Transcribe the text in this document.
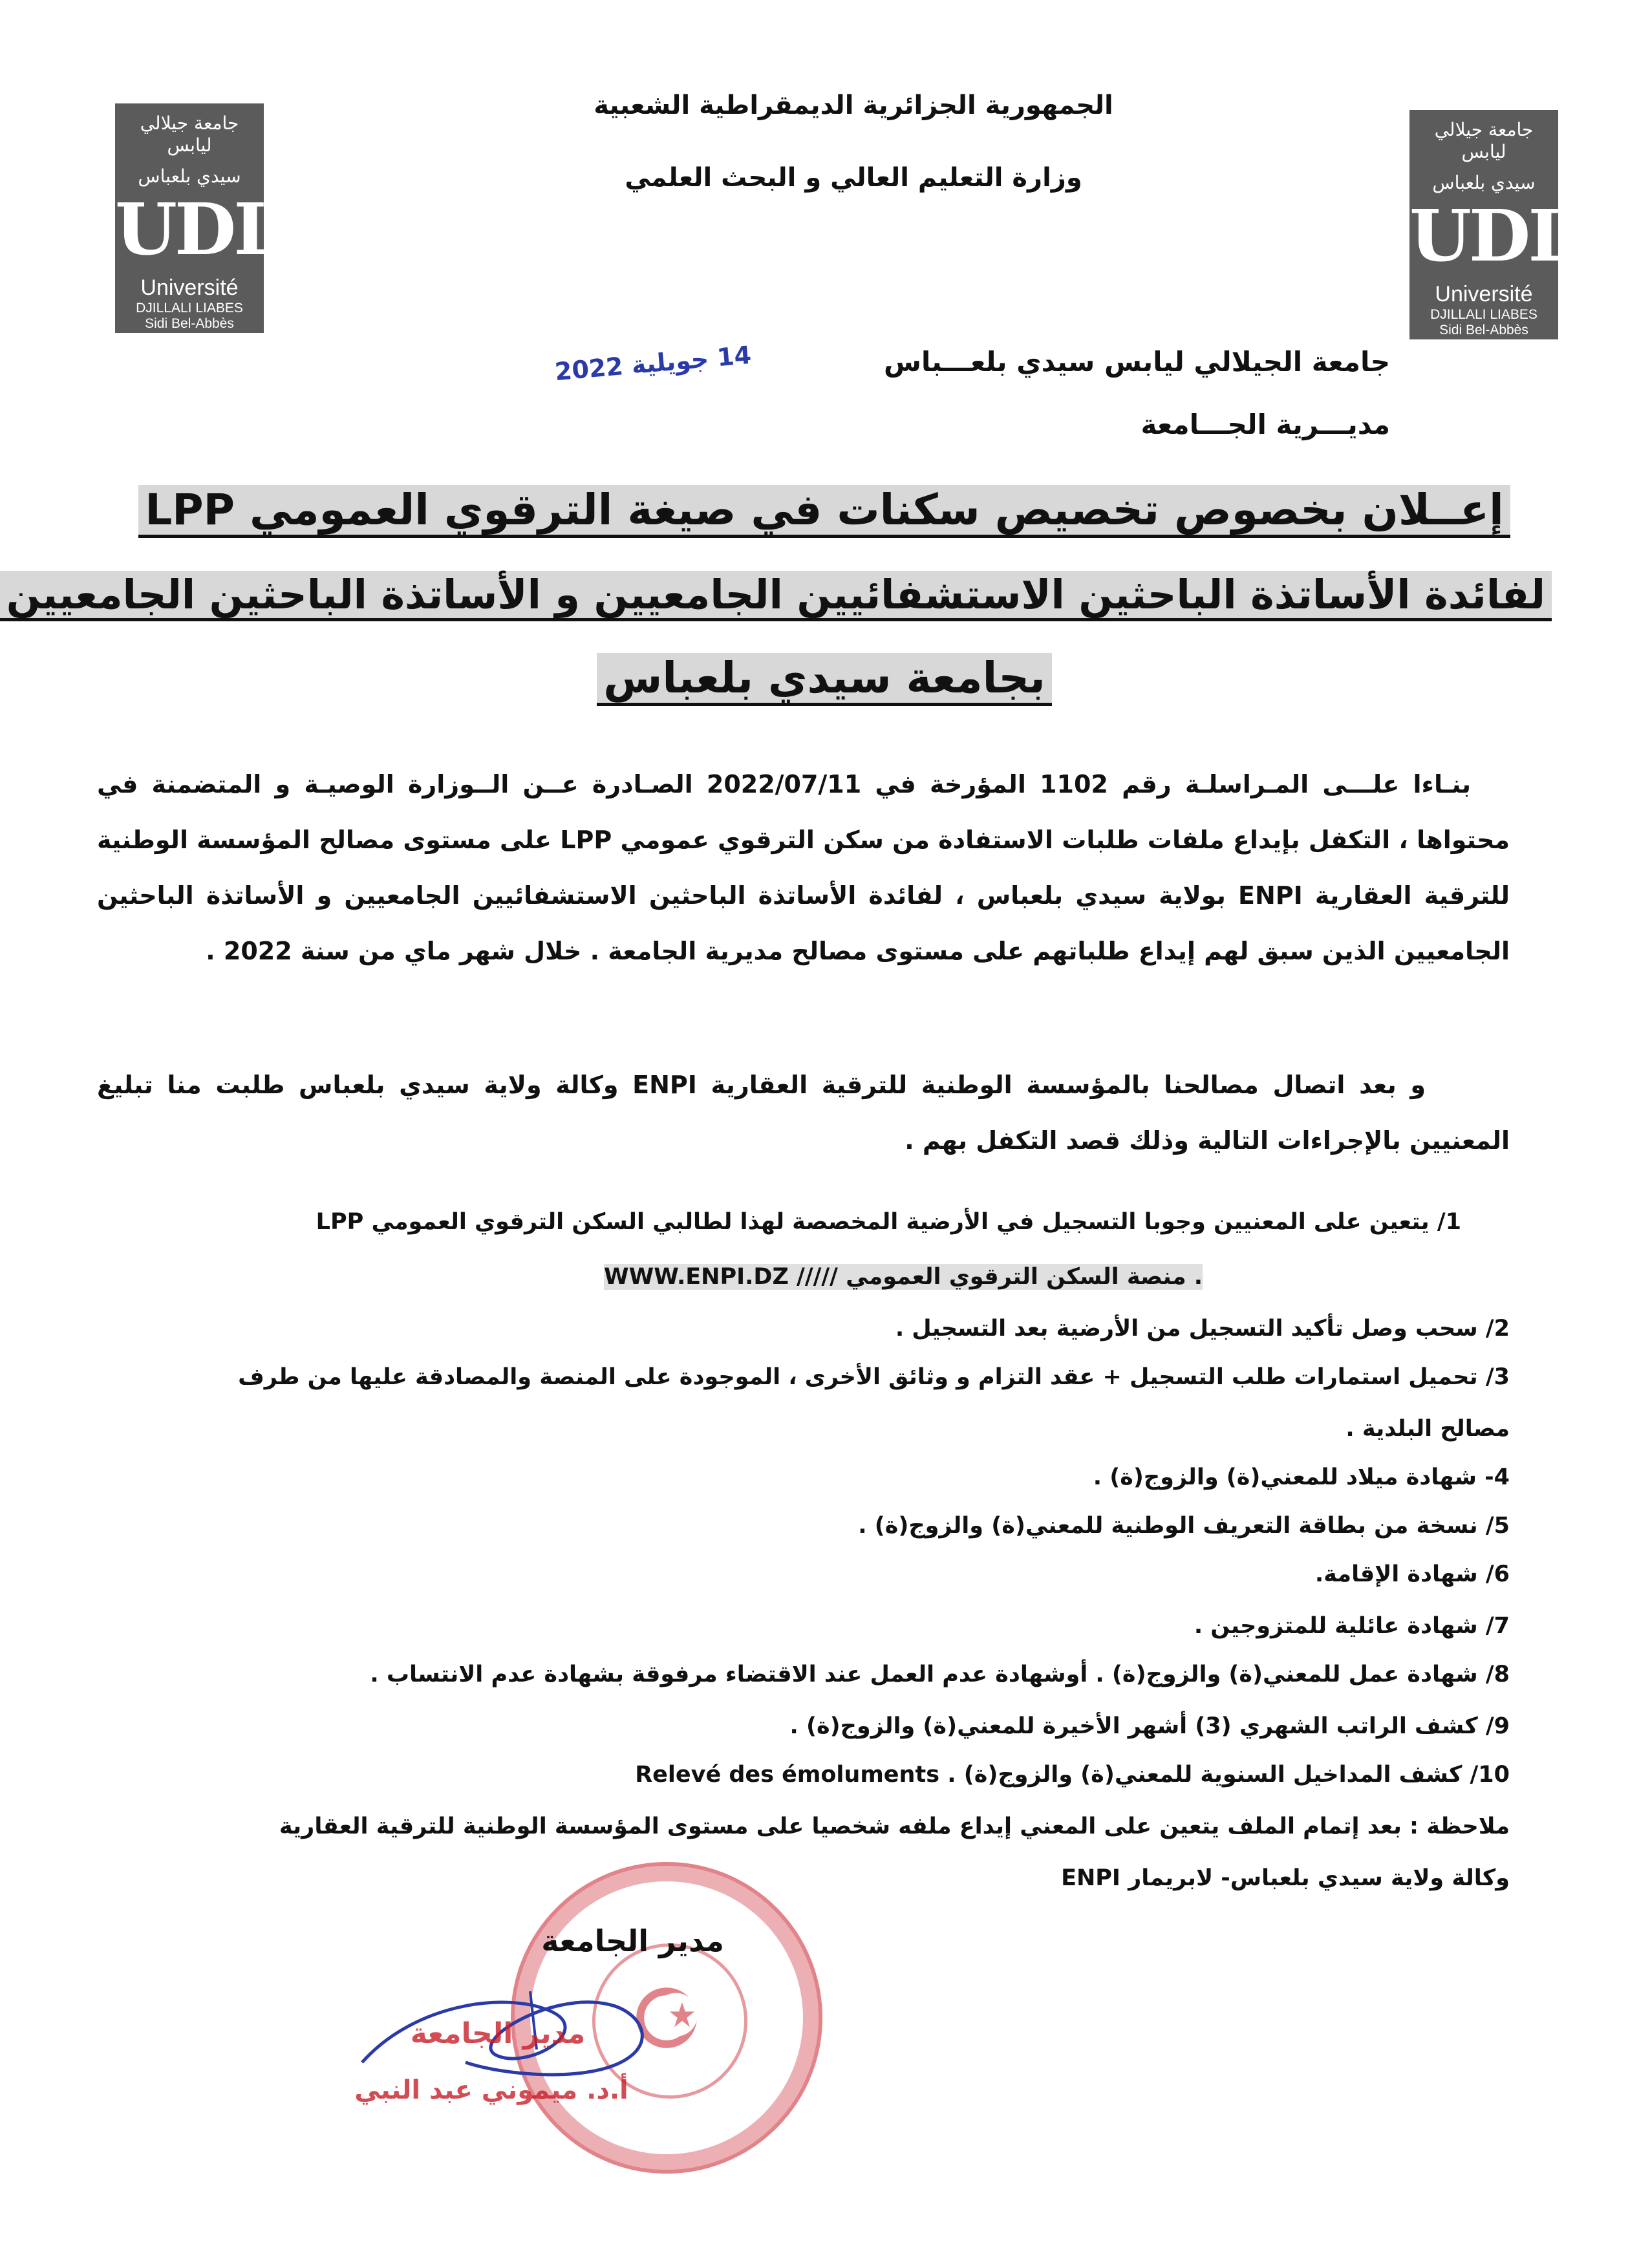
جامعة جيلالي ليابس
سيدي بلعباس
UDL
Université
DJILLALI LIABES
Sidi Bel-Abbès
جامعة جيلالي ليابس
سيدي بلعباس
UDL
Université
DJILLALI LIABES
Sidi Bel-Abbès
الجمهورية الجزائرية الديمقراطية الشعبية
وزارة التعليم العالي و البحث العلمي
جامعة الجيلالي ليابس سيدي بلعـــباس
مديـــرية الجـــامعة
14 جويلية 2022
إعــلان بخصوص تخصيص سكنات في صيغة الترقوي العمومي LPP
لفائدة الأساتذة الباحثين الاستشفائيين الجامعيين و الأساتذة الباحثين الجامعيين
بجامعة سيدي بلعباس
بنـاءا علـــى المـراسلـة رقم 1102 المؤرخة في 2022/07/11 الصـادرة عــن الــوزارة الوصيـة و المتضمنة في محتواها ، التكفل بإيداع ملفات طلبات الاستفادة من سكن الترقوي عمومي LPP على مستوى مصالح المؤسسة الوطنية للترقية العقارية ENPI بولاية سيدي بلعباس ، لفائدة الأساتذة الباحثين الاستشفائيين الجامعيين و الأساتذة الباحثين الجامعيين الذين سبق لهم إيداع طلباتهم على مستوى مصالح مديرية الجامعة . خلال شهر ماي من سنة 2022 .
و بعد اتصال مصالحنا بالمؤسسة الوطنية للترقية العقارية ENPI وكالة ولاية سيدي بلعباس طلبت منا تبليغ المعنيين بالإجراءات التالية وذلك قصد التكفل بهم .
1/ يتعين على المعنيين وجوبا التسجيل في الأرضية المخصصة لهذا لطالبي السكن الترقوي العمومي LPP
WWW.ENPI.DZ ///// منصة السكن الترقوي العمومي .
2/ سحب وصل تأكيد التسجيل من الأرضية بعد التسجيل .
3/ تحميل استمارات طلب التسجيل + عقد التزام و وثائق الأخرى ، الموجودة على المنصة والمصادقة عليها من طرف
مصالح البلدية .
4- شهادة ميلاد للمعني(ة) والزوج(ة) .
5/ نسخة من بطاقة التعريف الوطنية للمعني(ة) والزوج(ة) .
6/ شهادة الإقامة.
7/ شهادة عائلية للمتزوجين .
8/ شهادة عمل للمعني(ة) والزوج(ة) . أوشهادة عدم العمل عند الاقتضاء مرفوقة بشهادة عدم الانتساب .
9/ كشف الراتب الشهري (3) أشهر الأخيرة للمعني(ة) والزوج(ة) .
10/ كشف المداخيل السنوية للمعني(ة) والزوج(ة) . Relevé des émoluments
ملاحظة : بعد إتمام الملف يتعين على المعني إيداع ملفه شخصيا على مستوى المؤسسة الوطنية للترقية العقارية
ENPI وكالة ولاية سيدي بلعباس- لابريمار
مدير الجامعة
مدير الجامعة
أ.د. ميموني عبد النبي
